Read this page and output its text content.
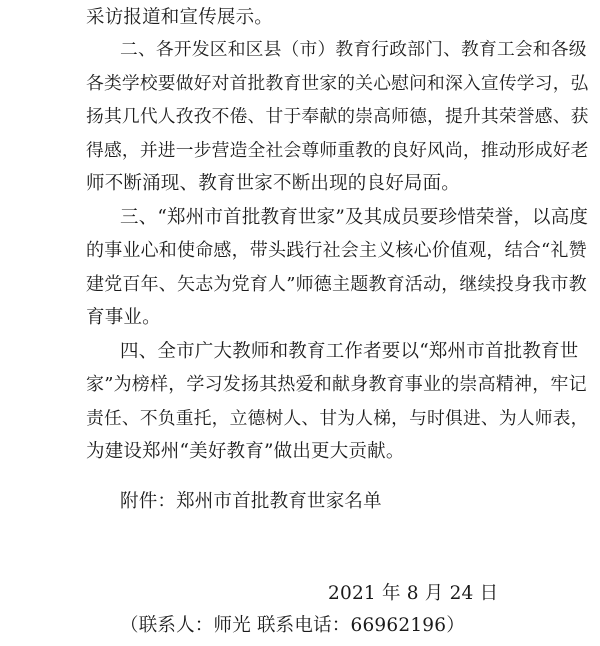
采访报道和宣传展示。
二、各开发区和区县（市）教育行政部门、教育工会和各级
各类学校要做好对首批教育世家的关心慰问和深入宣传学习，弘
扬其几代人孜孜不倦、甘于奉献的崇高师德，提升其荣誉感、获
得感，并进一步营造全社会尊师重教的良好风尚，推动形成好老
师不断涌现、教育世家不断出现的良好局面。
三、“郑州市首批教育世家”及其成员要珍惜荣誉，以高度
的事业心和使命感，带头践行社会主义核心价值观，结合“礼赞
建党百年、矢志为党育人”师德主题教育活动，继续投身我市教
育事业。
四、全市广大教师和教育工作者要以“郑州市首批教育世
家”为榜样，学习发扬其热爱和献身教育事业的崇高精神，牢记
责任、不负重托，立德树人、甘为人梯，与时俱进、为人师表，
为建设郑州“美好教育”做出更大贡献。
附件：郑州市首批教育世家名单
2021 年 8 月 24 日
（联系人：师光 联系电话：66962196）
